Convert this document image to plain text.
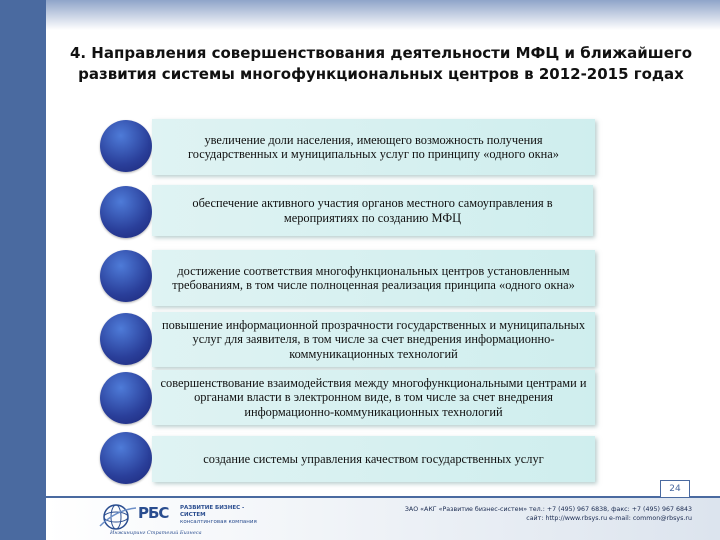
4. Направления совершенствования деятельности МФЦ и ближайшего развития системы многофункциональных центров в 2012-2015 годах
увеличение доли населения, имеющего возможность получения государственных и муниципальных услуг по принципу «одного окна»
обеспечение активного участия органов местного самоуправления в мероприятиях по созданию МФЦ
достижение соответствия многофункциональных центров установленным требованиям, в том числе полноценная реализация принципа «одного окна»
повышение информационной прозрачности государственных и муниципальных услуг для заявителя, в том числе за счет внедрения информационно-коммуникационных технологий
совершенствование взаимодействия между многофункциональными центрами и органами власти в электронном виде, в том числе за счет внедрения информационно-коммуникационных технологий
создание системы управления качеством государственных услуг
24
РБС РАЗВИТИЕ БИЗНЕС - СИСТЕМ
консалтинговая компания
Инжиниринг Стратегий Бизнеса
ЗАО «АКГ «Развитие бизнес-систем» тел.: +7 (495) 967 6838, факс: +7 (495) 967 6843
сайт: http://www.rbsys.ru e-mail: common@rbsys.ru
